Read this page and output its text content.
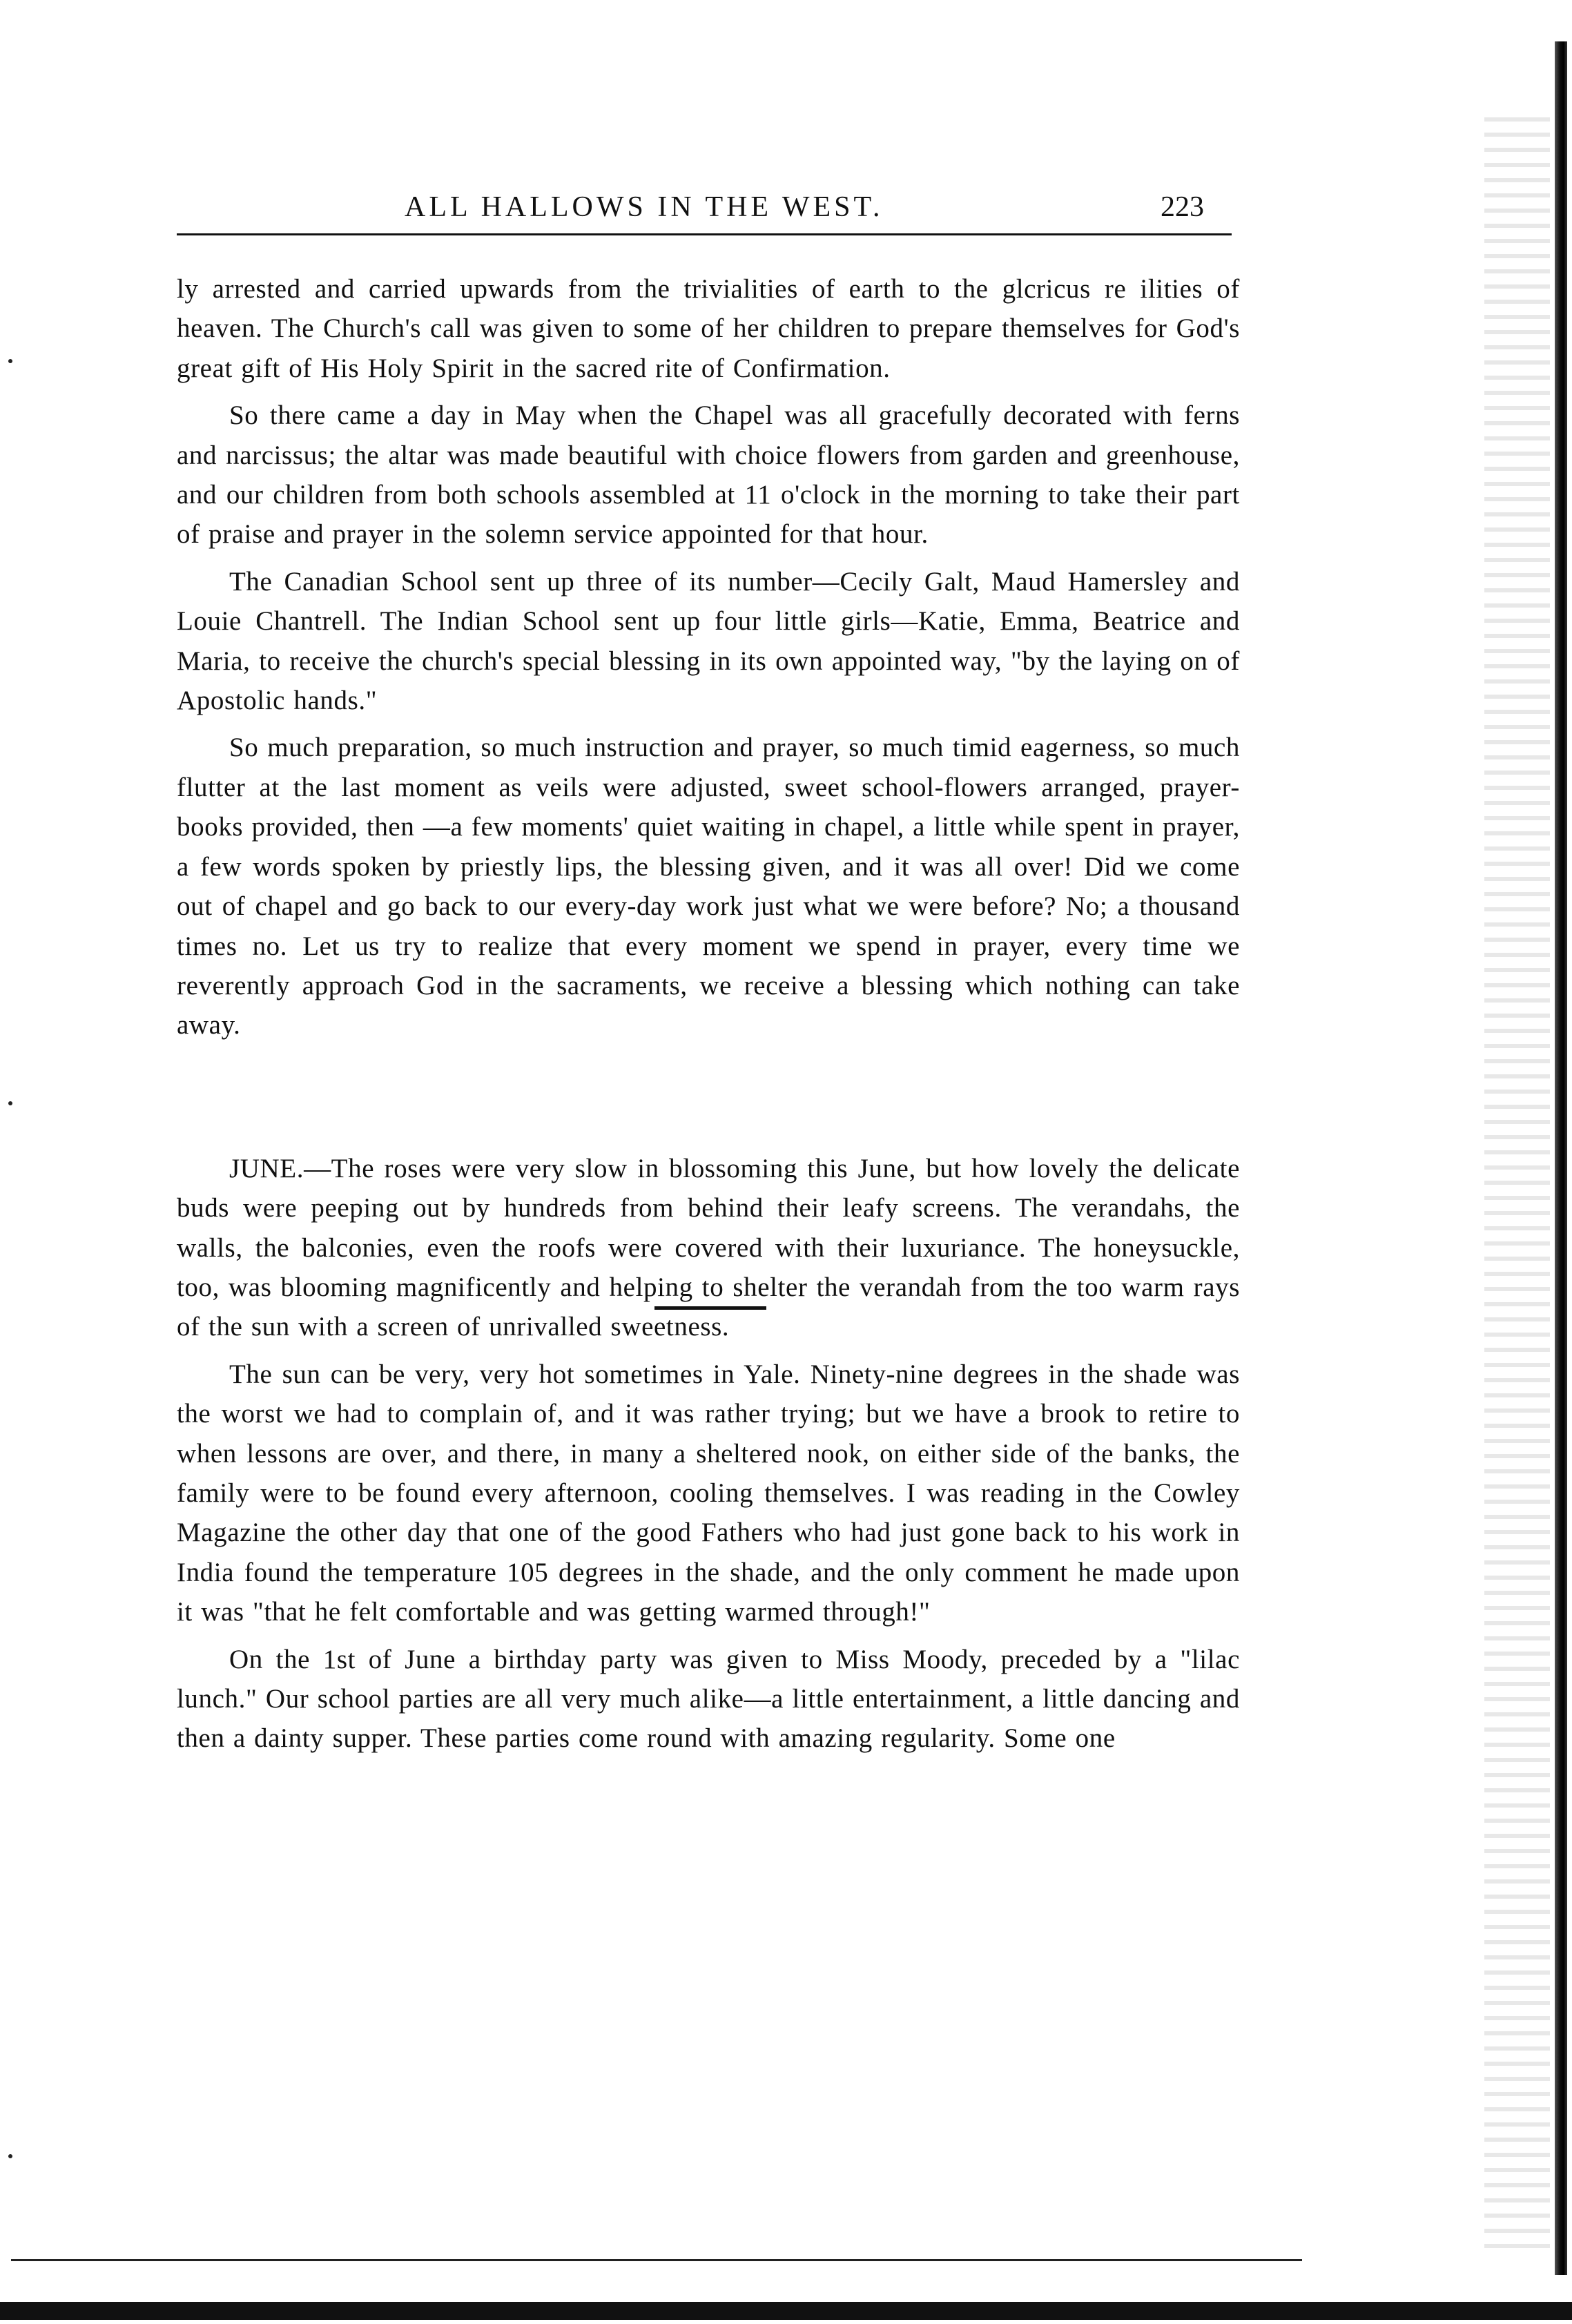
ALL HALLOWS IN THE WEST.	223

ly arrested and carried upwards from the trivialities of earth to the glcricus re ilities of heaven. The Church's call was given to some of her children to prepare themselves for God's great gift of His Holy Spirit in the sacred rite of Confirmation.

So there came a day in May when the Chapel was all gracefully decorated with ferns and narcissus; the altar was made beautiful with choice flowers from garden and greenhouse, and our children from both schools assembled at 11 o'clock in the morning to take their part of praise and prayer in the solemn service appointed for that hour.

The Canadian School sent up three of its number—Cecily Galt, Maud Hamersley and Louie Chantrell. The Indian School sent up four little girls—Katie, Emma, Beatrice and Maria, to receive the church's special blessing in its own appointed way, "by the laying on of Apostolic hands."

So much preparation, so much instruction and prayer, so much timid eagerness, so much flutter at the last moment as veils were adjusted, sweet school-flowers arranged, prayer-books provided, then —a few moments' quiet waiting in chapel, a little while spent in prayer, a few words spoken by priestly lips, the blessing given, and it was all over! Did we come out of chapel and go back to our every-day work just what we were before? No; a thousand times no. Let us try to realize that every moment we spend in prayer, every time we reverently approach God in the sacraments, we receive a blessing which nothing can take away.

JUNE.—The roses were very slow in blossoming this June, but how lovely the delicate buds were peeping out by hundreds from behind their leafy screens. The verandahs, the walls, the balconies, even the roofs were covered with their luxuriance. The honeysuckle, too, was blooming magnificently and helping to shelter the verandah from the too warm rays of the sun with a screen of unrivalled sweetness.

The sun can be very, very hot sometimes in Yale. Ninety-nine degrees in the shade was the worst we had to complain of, and it was rather trying; but we have a brook to retire to when lessons are over, and there, in many a sheltered nook, on either side of the banks, the family were to be found every afternoon, cooling themselves. I was reading in the Cowley Magazine the other day that one of the good Fathers who had just gone back to his work in India found the temperature 105 degrees in the shade, and the only comment he made upon it was "that he felt comfortable and was getting warmed through!"

On the 1st of June a birthday party was given to Miss Moody, preceded by a "lilac lunch." Our school parties are all very much alike—a little entertainment, a little dancing and then a dainty supper. These parties come round with amazing regularity. Some one
